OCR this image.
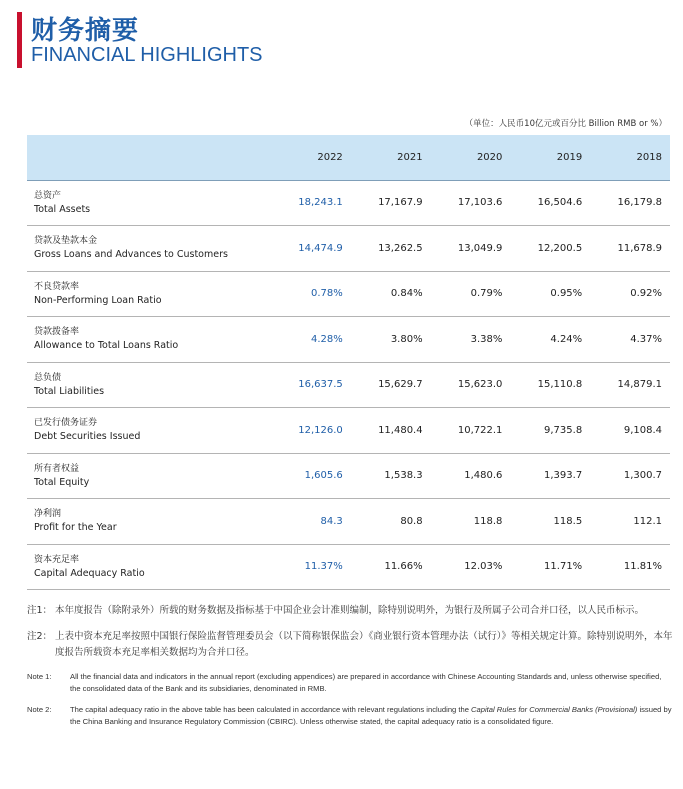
财务摘要
FINANCIAL HIGHLIGHTS
（单位：人民币10亿元或百分比 Billion RMB or %）
	2022	2021	2020	2019	2018

总资产
Total Assets	18,243.1	17,167.9	17,103.6	16,504.6	16,179.8

贷款及垫款本金
Gross Loans and Advances to Customers	14,474.9	13,262.5	13,049.9	12,200.5	11,678.9

不良贷款率
Non-Performing Loan Ratio	0.78%	0.84%	0.79%	0.95%	0.92%

贷款拨备率
Allowance to Total Loans Ratio	4.28%	3.80%	3.38%	4.24%	4.37%

总负债
Total Liabilities	16,637.5	15,629.7	15,623.0	15,110.8	14,879.1

已发行债务证券
Debt Securities Issued	12,126.0	11,480.4	10,722.1	9,735.8	9,108.4

所有者权益
Total Equity	1,605.6	1,538.3	1,480.6	1,393.7	1,300.7

净利润
Profit for the Year	84.3	80.8	118.8	118.5	112.1

资本充足率
Capital Adequacy Ratio	11.37%	11.66%	12.03%	11.71%	11.81%
注1： 本年度报告（除附录外）所载的财务数据及指标基于中国企业会计准则编制，除特别说明外，为银行及所属子公司合并口径，以人民币标示。
注2： 上表中资本充足率按照中国银行保险监督管理委员会（以下简称银保监会）《商业银行资本管理办法（试行）》等相关规定计算。除特别说明外，本年度报告所载资本充足率相关数据均为合并口径。
Note 1: All the financial data and indicators in the annual report (excluding appendices) are prepared in accordance with Chinese Accounting Standards and, unless otherwise specified, the consolidated data of the Bank and its subsidiaries, denominated in RMB.
Note 2: The capital adequacy ratio in the above table has been calculated in accordance with relevant regulations including the Capital Rules for Commercial Banks (Provisional) issued by the China Banking and Insurance Regulatory Commission (CBIRC). Unless otherwise stated, the capital adequacy ratio is a consolidated figure.
